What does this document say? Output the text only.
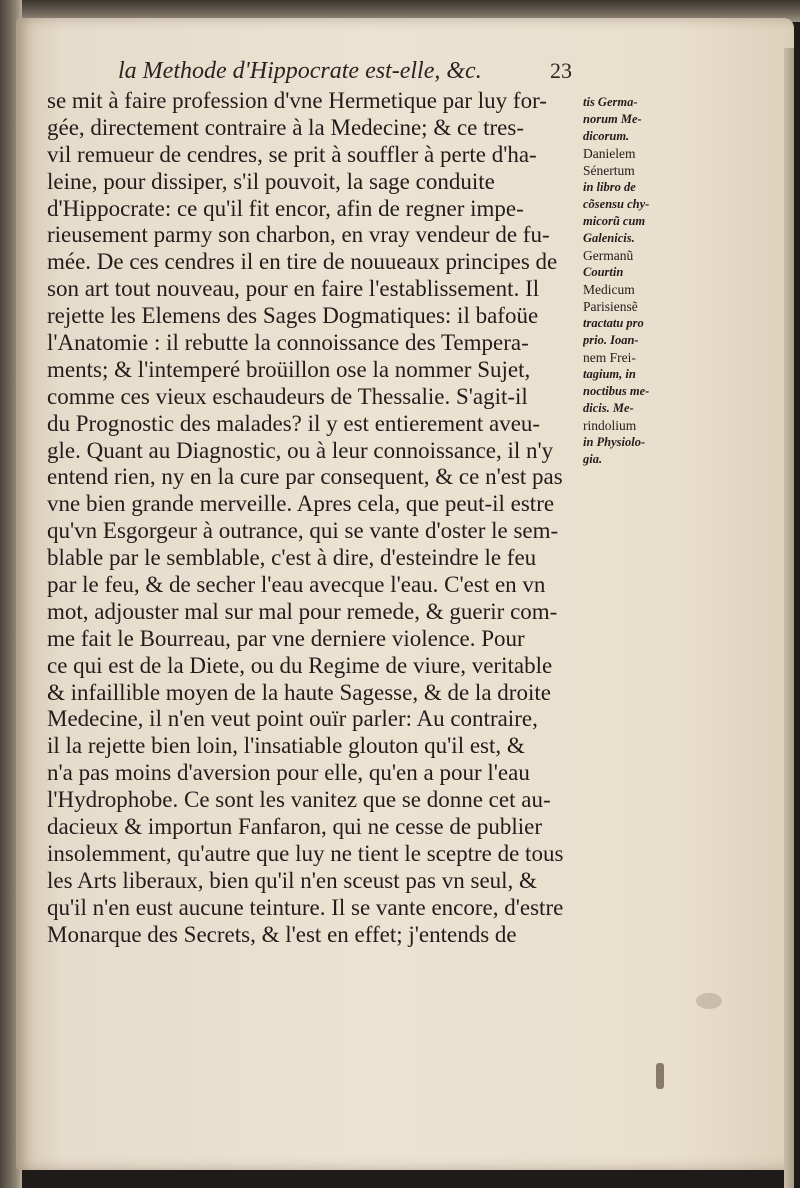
la Methode d'Hippocrate est-elle, &c.	23
se mit à faire profession d'vne Hermetique par luy for-
gée, directement contraire à la Medecine; & ce tres-
vil remueur de cendres, se prit à souffler à perte d'ha-
leine, pour dissiper, s'il pouvoit, la sage conduite
d'Hippocrate: ce qu'il fit encor, afin de regner impe-
rieusement parmy son charbon, en vray vendeur de fu-
mée. De ces cendres il en tire de nouueaux principes de
son art tout nouveau, pour en faire l'establissement. Il
rejette les Elemens des Sages Dogmatiques: il bafoüe
l'Anatomie : il rebutte la connoissance des Tempera-
ments; & l'intemperé broüillon ose la nommer Sujet,
comme ces vieux eschaudeurs de Thessalie. S'agit-il
du Prognostic des malades? il y est entierement aveu-
gle. Quant au Diagnostic, ou à leur connoissance, il n'y
entend rien, ny en la cure par consequent, & ce n'est pas
vne bien grande merveille. Apres cela, que peut-il estre
qu'vn Esgorgeur à outrance, qui se vante d'oster le sem-
blable par le semblable, c'est à dire, d'esteindre le feu
par le feu, & de secher l'eau avecque l'eau. C'est en vn
mot, adjouster mal sur mal pour remede, & guerir com-
me fait le Bourreau, par vne derniere violence. Pour
ce qui est de la Diete, ou du Regime de viure, veritable
& infaillible moyen de la haute Sagesse, & de la droite
Medecine, il n'en veut point ouïr parler: Au contraire,
il la rejette bien loin, l'insatiable glouton qu'il est, &
n'a pas moins d'aversion pour elle, qu'en a pour l'eau
l'Hydrophobe. Ce sont les vanitez que se donne cet au-
dacieux & importun Fanfaron, qui ne cesse de publier
insolemment, qu'autre que luy ne tient le sceptre de tous
les Arts liberaux, bien qu'il n'en sceust pas vn seul, &
qu'il n'en eust aucune teinture. Il se vante encore, d'estre
Monarque des Secrets, & l'est en effet; j'entends de
tis Germa-
norum Me-
dicorum.
Danielem
Sénertum
in libro de
cõsensu chy-
micorũ cum
Galenicis.
Germanũ
Courtin
Medicum
Parisiensẽ
tractatu pro
prio. Ioan-
nem Frei-
tagium, in
noctibus me-
dicis. Me-
rindolium
in Physiolo-
gia.
